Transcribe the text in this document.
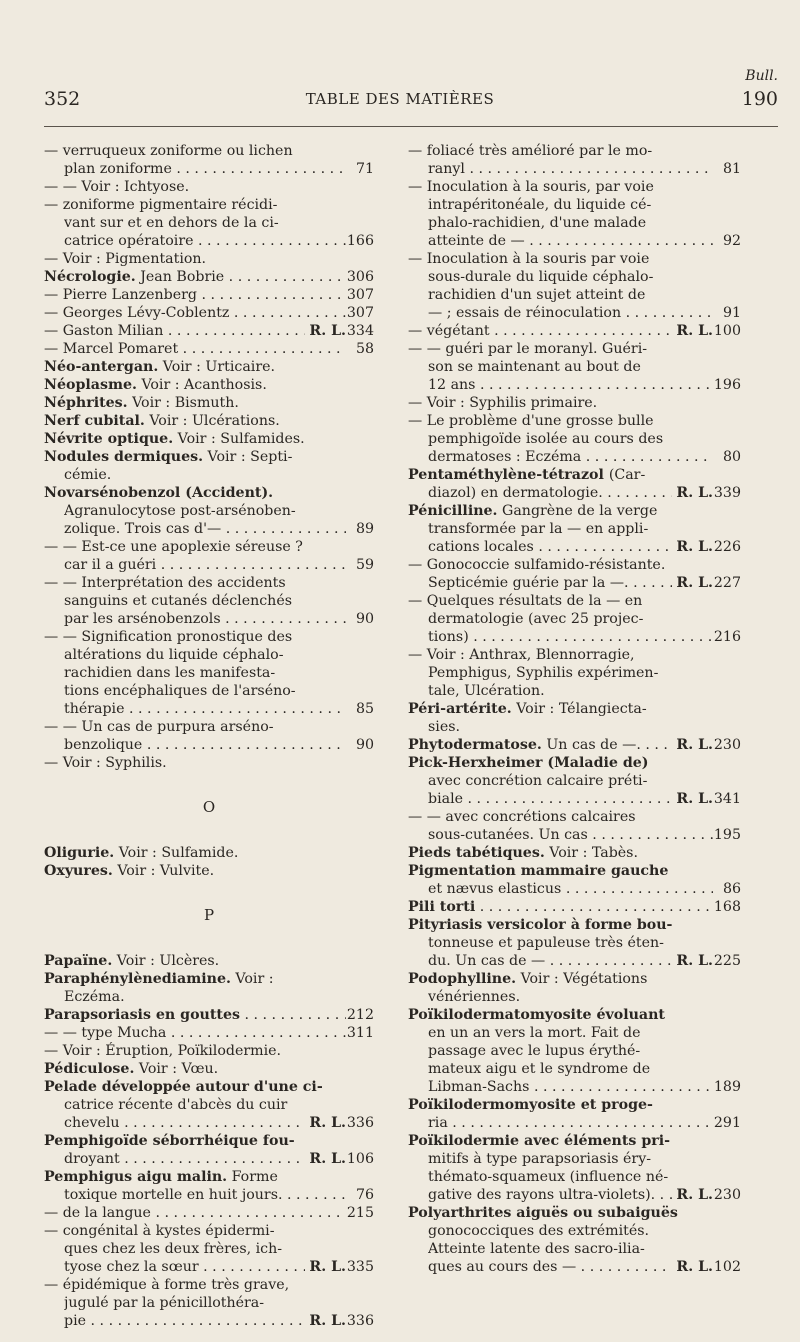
352	TABLE DES MATIÈRES
Bull.
190
— verruqueux zoniforme ou lichen
plan zoniforme . . .	71
— — Voir : Ichtyose.
— zoniforme pigmentaire récidi-
vant sur et en dehors de la ci-
catrice opératoire . . .	166
— Voir : Pigmentation.
Nécrologie. Jean Bobrie . . .	306
— Pierre Lanzenberg . . .	307
— Georges Lévy-Coblentz . . .	307
— Gaston Milian . . .	R. L. 334
— Marcel Pomaret . . .	58
Néo-antergan. Voir : Urticaire.
Néoplasme. Voir : Acanthosis.
Néphrites. Voir : Bismuth.
Nerf cubital. Voir : Ulcérations.
Névrite optique. Voir : Sulfamides.
Nodules dermiques. Voir : Septi-
cémie.
Novarsénobenzol (Accident).
Agranulocytose post-arsénoben-
zolique. Trois cas d'— . . .	89
— — Est-ce une apoplexie séreuse ?
car il a guéri . . .	59
— — Interprétation des accidents
sanguins et cutanés déclenchés
par les arsénobenzols . . .	90
— — Signification pronostique des
altérations du liquide céphalo-
rachidien dans les manifesta-
tions encéphaliques de l'arséno-
thérapie . . .	85
— — Un cas de purpura arséno-
benzolique . . .	90
— Voir : Syphilis.
O
Oligurie. Voir : Sulfamide.
Oxyures. Voir : Vulvite.
P
Papaïne. Voir : Ulcères.
Paraphénylènediamine. Voir :
Eczéma.
Parapsoriasis en gouttes . . .	212
— — type Mucha . . .	311
— Voir : Éruption, Poïkilodermie.
Pédiculose. Voir : Vœu.
Pelade développée autour d'une ci-
catrice récente d'abcès du cuir
chevelu . . .	R. L. 336
Pemphigoïde séborrhéique fou-
droyant . . .	R. L. 106
Pemphigus aigu malin. Forme
toxique mortelle en huit jours. . . .	76
— de la langue . . .	215
— congénital à kystes épidermi-
ques chez les deux frères, ich-
tyose chez la sœur . . .	R. L. 335
— épidémique à forme très grave,
jugulé par la pénicillothéra-
pie . . .	R. L. 336
— foliacé très amélioré par le mo-
ranyl . . .	81
— Inoculation à la souris, par voie
intrapéritonéale, du liquide cé-
phalo-rachidien, d'une malade
atteinte de — . . .	92
— Inoculation à la souris par voie
sous-durale du liquide céphalo-
rachidien d'un sujet atteint de
— ; essais de réinoculation . . .	91
— végétant . . .	R. L. 100
— — guéri par le moranyl. Guéri-
son se maintenant au bout de
12 ans . . .	196
— Voir : Syphilis primaire.
— Le problème d'une grosse bulle
pemphigoïde isolée au cours des
dermatoses : Eczéma . . .	80
Pentaméthylène-tétrazol (Car-
diazol) en dermatologie. . . .	R. L. 339
Pénicilline. Gangrène de la verge
transformée par la — en appli-
cations locales . . .	R. L. 226
— Gonococcie sulfamido-résistante.
Septicémie guérie par la —. . . .	R. L. 227
— Quelques résultats de la — en
dermatologie (avec 25 projec-
tions) . . .	216
— Voir : Anthrax, Blennorragie,
Pemphigus, Syphilis expérimen-
tale, Ulcération.
Péri-artérite. Voir : Télangiecta-
sies.
Phytodermatose. Un cas de —. . . .	R. L. 230
Pick-Herxheimer (Maladie de)
avec concrétion calcaire préti-
biale . . .	R. L. 341
— — avec concrétions calcaires
sous-cutanées. Un cas . . .	195
Pieds tabétiques. Voir : Tabès.
Pigmentation mammaire gauche
et nævus elasticus . . .	86
Pili torti . . .	168
Pityriasis versicolor à forme bou-
tonneuse et papuleuse très éten-
du. Un cas de — . . .	R. L. 225
Podophylline. Voir : Végétations
vénériennes.
Poïkilodermatomyosite évoluant
en un an vers la mort. Fait de
passage avec le lupus érythé-
mateux aigu et le syndrome de
Libman-Sachs . . .	189
Poïkilodermomyosite et proge-
ria . . .	291
Poïkilodermie avec éléments pri-
mitifs à type parapsoriasis éry-
thémato-squameux (influence né-
gative des rayons ultra-violets). . . .	R. L. 230
Polyarthrites aiguës ou subaiguës
gonococciques des extrémités.
Atteinte latente des sacro-ilia-
ques au cours des — . . .	R. L. 102
